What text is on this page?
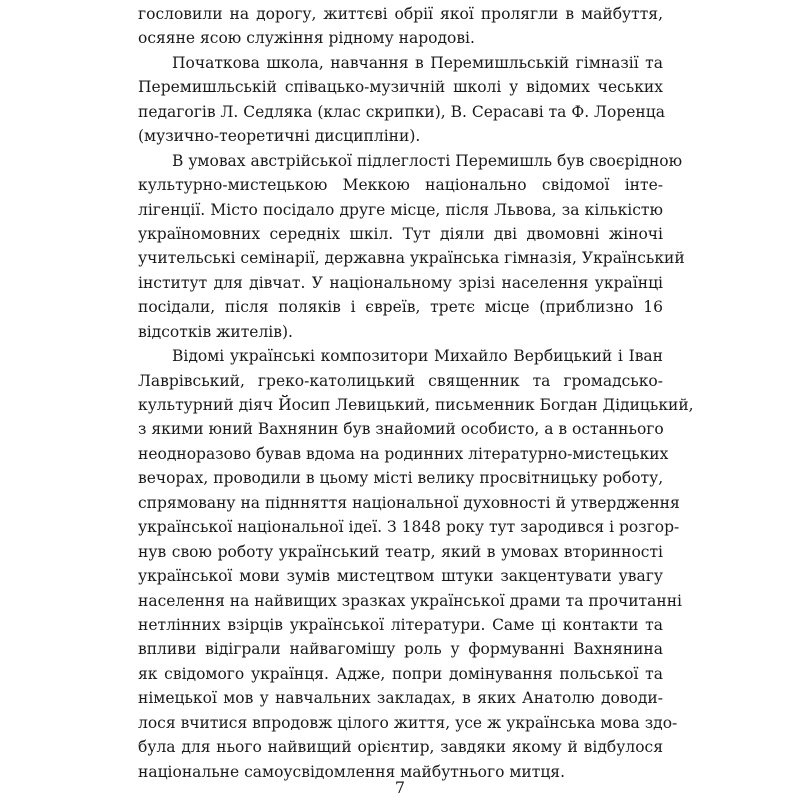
гословили на дорогу, життєві обрії якої пролягли в майбуття,
осяяне ясою служіння рідному народові.
Початкова школа, навчання в Перемишльській гімназії та
Перемишльській співацько-музичній школі у відомих чеських
педагогів Л. Седляка (клас скрипки), В. Серасаві та Ф. Лоренца
(музично-теоретичні дисципліни).
В умовах австрійської підлеглості Перемишль був своєрідною
культурно-мистецькою Меккою національно свідомої інте-
лігенції. Місто посідало друге місце, після Львова, за кількістю
україномовних середніх шкіл. Тут діяли дві двомовні жіночі
учительські семінарії, державна українська гімназія, Український
інститут для дівчат. У національному зрізі населення українці
посідали, після поляків і євреїв, третє місце (приблизно 16
відсотків жителів).
Відомі українські композитори Михайло Вербицький і Іван
Лаврівський, греко-католицький священник та громадсько-
культурний діяч Йосип Левицький, письменник Богдан Дідицький,
з якими юний Вахнянин був знайомий особисто, а в останнього
неодноразово бував вдома на родинних літературно-мистецьких
вечорах, проводили в цьому місті велику просвітницьку роботу,
спрямовану на піднняття національної духовності й утвердження
української національної ідеї. З 1848 року тут зародився і розгор-
нув свою роботу український театр, який в умовах вторинності
української мови зумів мистецтвом штуки закцентувати увагу
населення на найвищих зразках української драми та прочитанні
нетлінних взірців української літератури. Саме ці контакти та
впливи відіграли найвагомішу роль у формуванні Вахнянина
як свідомого українця. Адже, попри домінування польської та
німецької мов у навчальних закладах, в яких Анатолю доводи-
лося вчитися впродовж цілого життя, усе ж українська мова здо-
була для нього найвищий орієнтир, завдяки якому й відбулося
національне самоусвідомлення майбутнього митця.
7
